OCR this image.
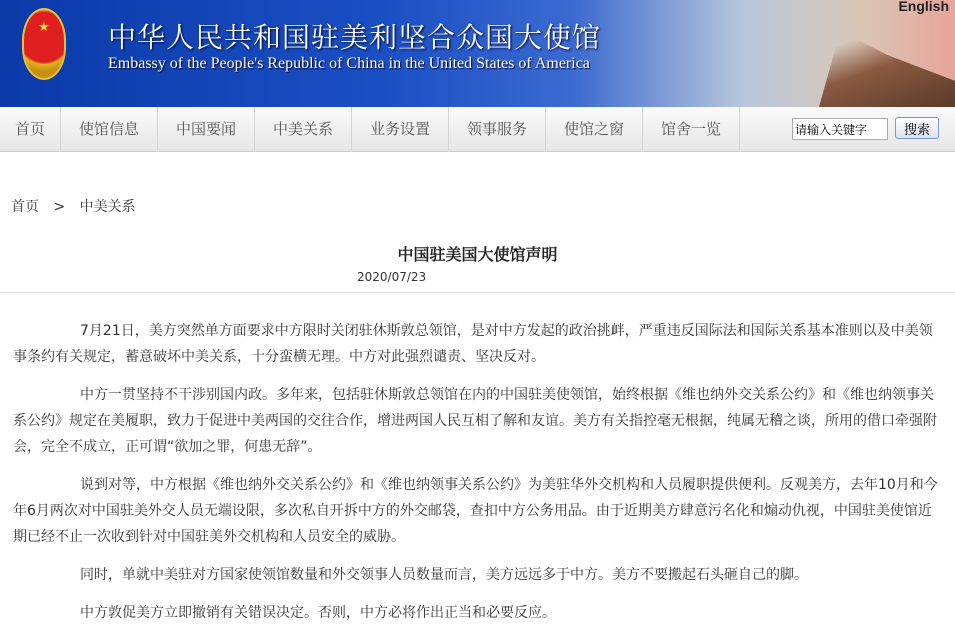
★ 中华人民共和国驻美利坚合众国大使馆
Embassy of the People's Republic of China in the United States of America
English
首页	使馆信息	中国要闻	中美关系	业务设置	领事服务	使馆之窗	馆舍一览
请输入关键字	搜索
首页 > 中美关系
中国驻美国大使馆声明
2020/07/23

7月21日，美方突然单方面要求中方限时关闭驻休斯敦总领馆，是对中方发起的政治挑衅，严重违反国际法和国际关系基本准则以及中美领事条约有关规定，蓄意破坏中美关系，十分蛮横无理。中方对此强烈谴责、坚决反对。

中方一贯坚持不干涉别国内政。多年来，包括驻休斯敦总领馆在内的中国驻美使领馆，始终根据《维也纳外交关系公约》和《维也纳领事关系公约》规定在美履职，致力于促进中美两国的交往合作，增进两国人民互相了解和友谊。美方有关指控毫无根据，纯属无稽之谈，所用的借口牵强附会，完全不成立，正可谓“欲加之罪，何患无辞”。

说到对等，中方根据《维也纳外交关系公约》和《维也纳领事关系公约》为美驻华外交机构和人员履职提供便利。反观美方，去年10月和今年6月两次对中国驻美外交人员无端设限，多次私自开拆中方的外交邮袋，查扣中方公务用品。由于近期美方肆意污名化和煽动仇视，中国驻美使馆近期已经不止一次收到针对中国驻美外交机构和人员安全的威胁。

同时，单就中美驻对方国家使领馆数量和外交领事人员数量而言，美方远远多于中方。美方不要搬起石头砸自己的脚。

中方敦促美方立即撤销有关错误决定。否则，中方必将作出正当和必要反应。
